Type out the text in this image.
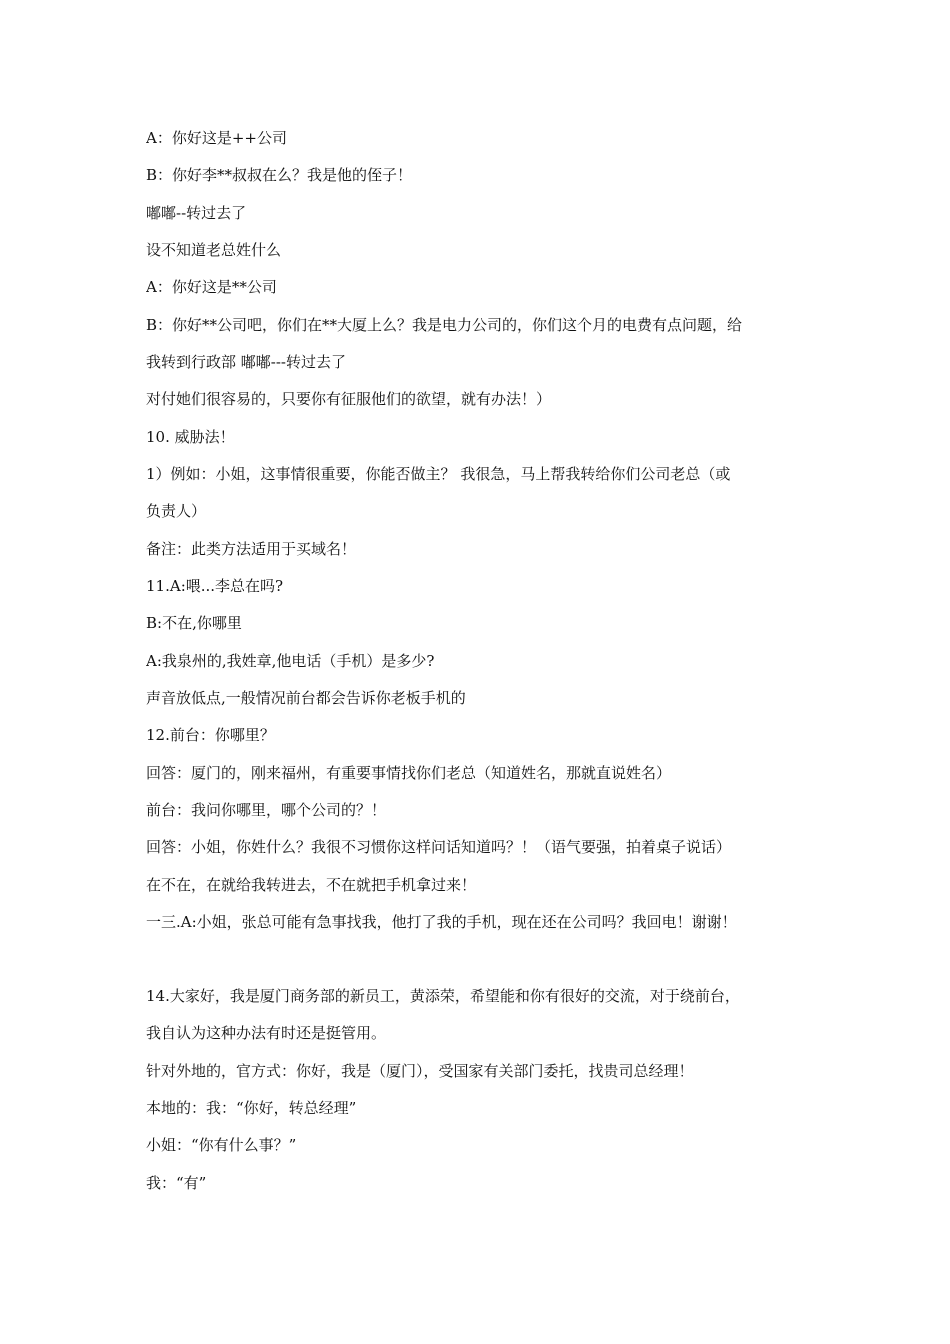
A：你好这是++公司
B：你好李**叔叔在么？我是他的侄子！
嘟嘟--转过去了
设不知道老总姓什么
A：你好这是**公司
B：你好**公司吧，你们在**大厦上么？我是电力公司的，你们这个月的电费有点问题，给
我转到行政部 嘟嘟---转过去了
对付她们很容易的，只要你有征服他们的欲望，就有办法！）
10. 威胁法！
1）例如：小姐，这事情很重要，你能否做主？ 我很急，马上帮我转给你们公司老总（或
负责人）
备注：此类方法适用于买域名！
11.A:喂...李总在吗?
B:不在,你哪里
A:我泉州的,我姓章,他电话（手机）是多少?
声音放低点,一般情况前台都会告诉你老板手机的
12.前台：你哪里？
回答：厦门的，刚来福州，有重要事情找你们老总（知道姓名，那就直说姓名）
前台：我问你哪里，哪个公司的？！
回答：小姐，你姓什么？我很不习惯你这样问话知道吗？！（语气要强，拍着桌子说话）
在不在，在就给我转进去，不在就把手机拿过来！
一三.A:小姐，张总可能有急事找我，他打了我的手机，现在还在公司吗？我回电！谢谢！
14.大家好，我是厦门商务部的新员工，黄添荣，希望能和你有很好的交流，对于绕前台，
我自认为这种办法有时还是挺管用。
针对外地的，官方式：你好，我是（厦门），受国家有关部门委托，找贵司总经理！
本地的：我：“你好，转总经理”
小姐：“你有什么事？”
我：“有”
